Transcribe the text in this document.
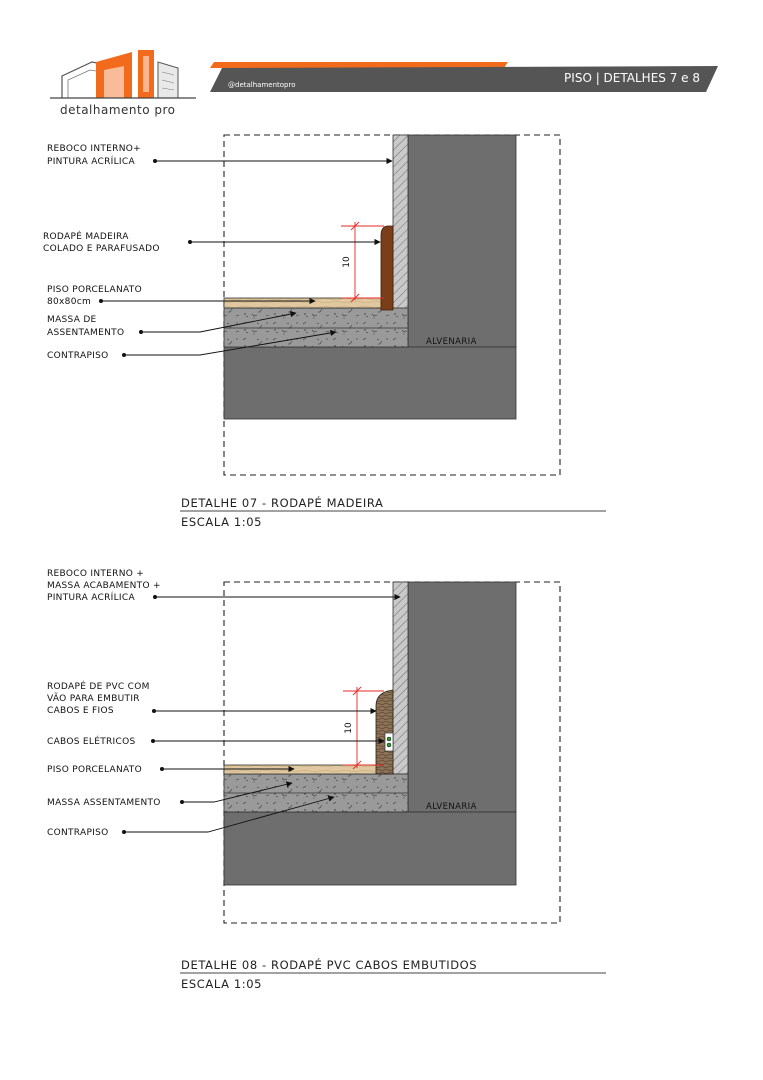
detalhamento pro
@detalhamentopro	PISO | DETALHES 7 e 8
ALVENARIA
10
REBOCO INTERNO+
PINTURA ACRÍLICA
RODAPÉ MADEIRA
COLADO E PARAFUSADO
PISO PORCELANATO
80x80cm
MASSA DE
ASSENTAMENTO
CONTRAPISO
DETALHE 07 - RODAPÉ MADEIRA
ESCALA 1:05
ALVENARIA
10
REBOCO INTERNO +
MASSA ACABAMENTO +
PINTURA ACRÍLICA
RODAPÉ DE PVC COM
VÃO PARA EMBUTIR
CABOS E FIOS
CABOS ELÉTRICOS
PISO PORCELANATO
MASSA ASSENTAMENTO
CONTRAPISO
DETALHE 08 - RODAPÉ PVC CABOS EMBUTIDOS
ESCALA 1:05
